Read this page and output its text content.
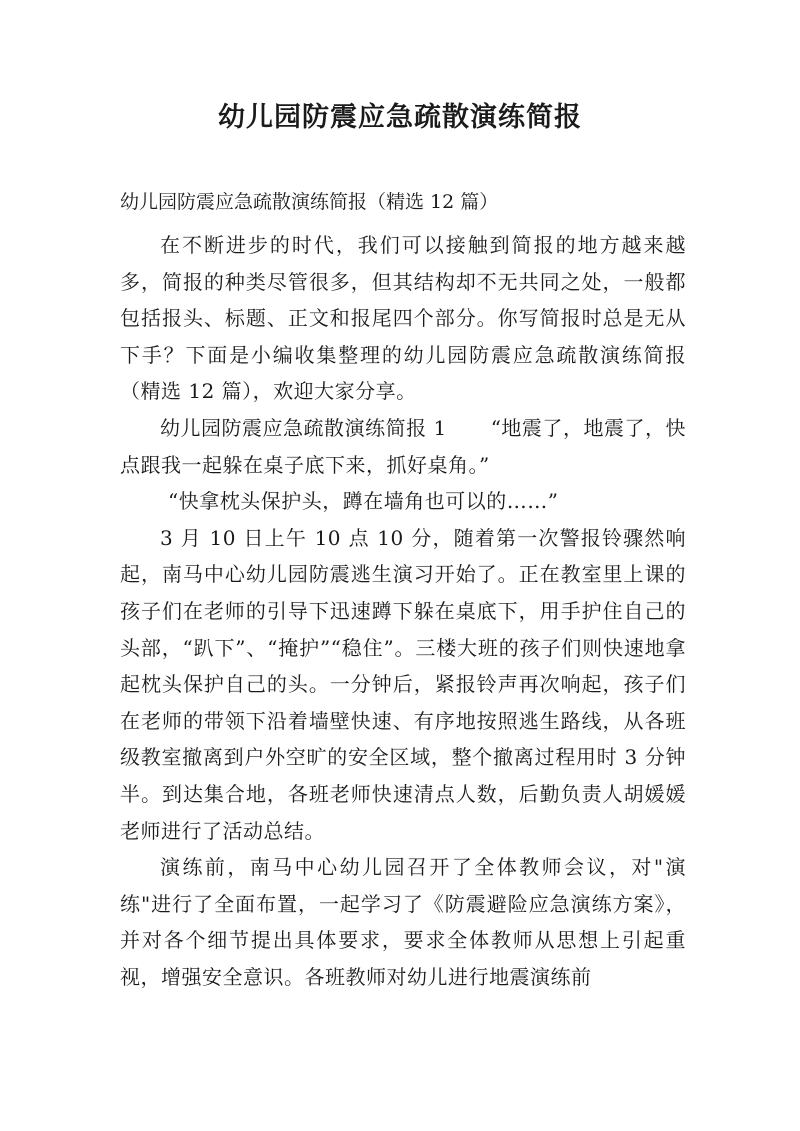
幼儿园防震应急疏散演练简报

幼儿园防震应急疏散演练简报（精选 12 篇）

在不断进步的时代，我们可以接触到简报的地方越来越多，简报的种类尽管很多，但其结构却不无共同之处，一般都包括报头、标题、正文和报尾四个部分。你写简报时总是无从下手？下面是小编收集整理的幼儿园防震应急疏散演练简报（精选 12 篇），欢迎大家分享。

幼儿园防震应急疏散演练简报 1 “地震了，地震了，快点跟我一起躲在桌子底下来，抓好桌角。”

“快拿枕头保护头，蹲在墙角也可以的……”

3 月 10 日上午 10 点 10 分，随着第一次警报铃骤然响起，南马中心幼儿园防震逃生演习开始了。正在教室里上课的孩子们在老师的引导下迅速蹲下躲在桌底下，用手护住自己的头部，“趴下”、“掩护”“稳住”。三楼大班的孩子们则快速地拿起枕头保护自己的头。一分钟后，紧报铃声再次响起，孩子们在老师的带领下沿着墙壁快速、有序地按照逃生路线，从各班级教室撤离到户外空旷的安全区域，整个撤离过程用时 3 分钟半。到达集合地，各班老师快速清点人数，后勤负责人胡媛媛老师进行了活动总结。

演练前，南马中心幼儿园召开了全体教师会议，对"演练"进行了全面布置，一起学习了《防震避险应急演练方案》，并对各个细节提出具体要求，要求全体教师从思想上引起重视，增强安全意识。各班教师对幼儿进行地震演练前
